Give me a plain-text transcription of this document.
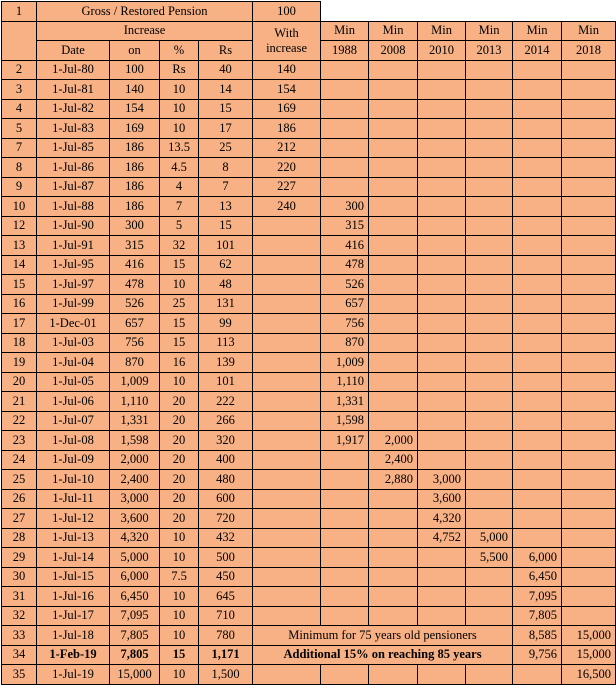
1	Gross / Restored Pension				100						
	Increase				With
increase	Min	Min	Min	Min	Min	Min
	Date	on	%	Rs		1988	2008	2010	2013	2014	2018
2	1-Jul-80	100	Rs	40	140						
3	1-Jul-81	140	10	14	154						
4	1-Jul-82	154	10	15	169						
5	1-Jul-83	169	10	17	186						
7	1-Jul-85	186	13.5	25	212						
8	1-Jul-86	186	4.5	8	220						
9	1-Jul-87	186	4	7	227						
10	1-Jul-88	186	7	13	240	300					
12	1-Jul-90	300	5	15		315					
13	1-Jul-91	315	32	101		416					
14	1-Jul-95	416	15	62		478					
15	1-Jul-97	478	10	48		526					
16	1-Jul-99	526	25	131		657					
17	1-Dec-01	657	15	99		756					
18	1-Jul-03	756	15	113		870					
19	1-Jul-04	870	16	139		1,009					
20	1-Jul-05	1,009	10	101		1,110					
21	1-Jul-06	1,110	20	222		1,331					
22	1-Jul-07	1,331	20	266		1,598					
23	1-Jul-08	1,598	20	320		1,917	2,000				
24	1-Jul-09	2,000	20	400			2,400				
25	1-Jul-10	2,400	20	480			2,880	3,000			
26	1-Jul-11	3,000	20	600				3,600			
27	1-Jul-12	3,600	20	720				4,320			
28	1-Jul-13	4,320	10	432				4,752	5,000		
29	1-Jul-14	5,000	10	500					5,500	6,000	
30	1-Jul-15	6,000	7.5	450						6,450	
31	1-Jul-16	6,450	10	645						7,095	
32	1-Jul-17	7,095	10	710						7,805	
33	1-Jul-18	7,805	10	780	Minimum for 75 years old pensioners					8,585	15,000
34	1-Feb-19	7,805	15	1,171	Additional 15% on reaching 85 years					9,756	15,000
35	1-Jul-19	15,000	10	1,500							16,500
